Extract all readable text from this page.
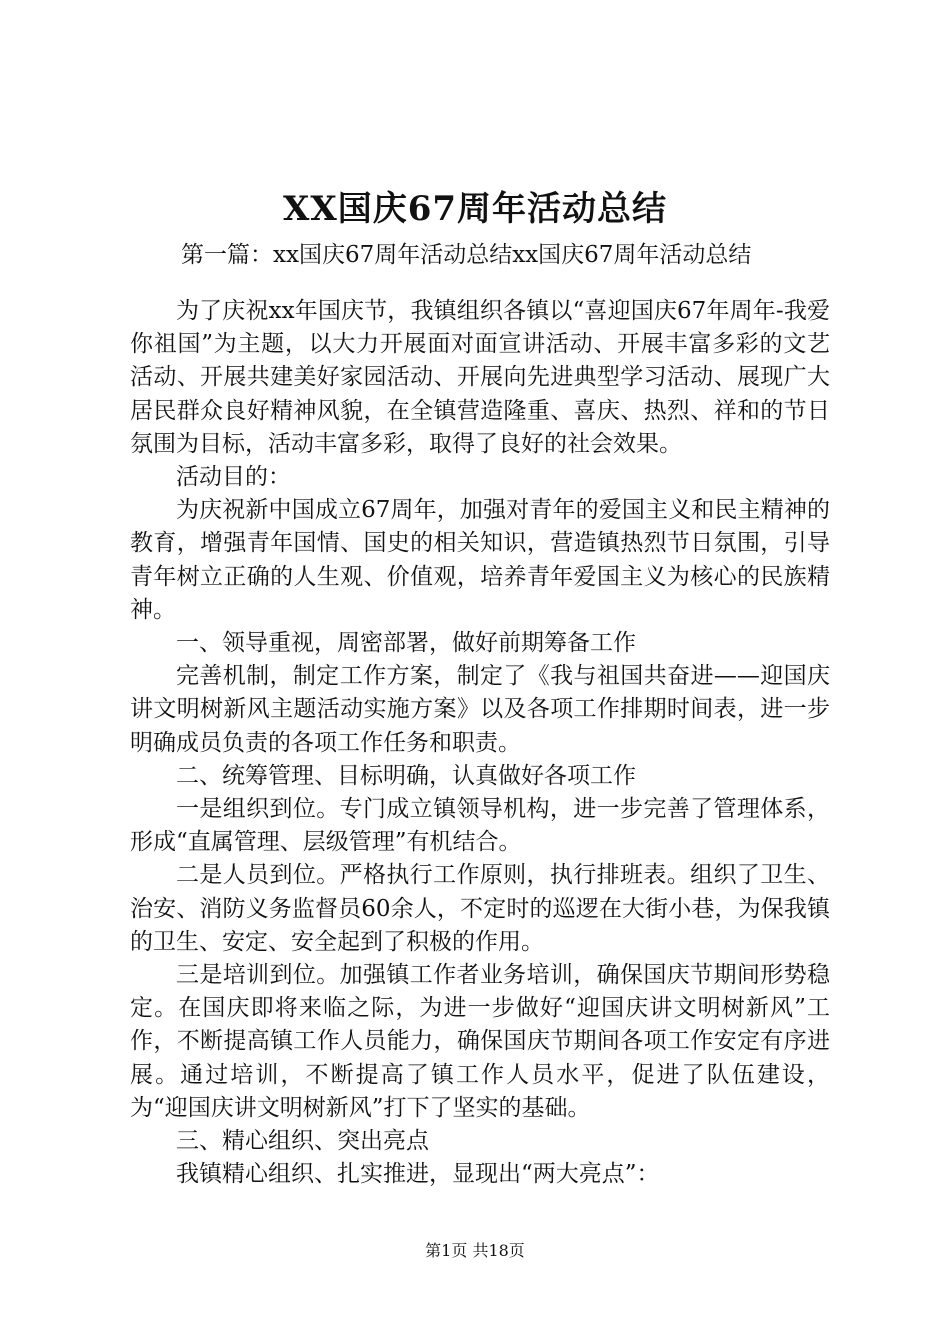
XX国庆67周年活动总结
第一篇：xx国庆67周年活动总结xx国庆67周年活动总结

为了庆祝xx年国庆节，我镇组织各镇以“喜迎国庆67年周年-我爱你祖国”为主题，以大力开展面对面宣讲活动、开展丰富多彩的文艺活动、开展共建美好家园活动、开展向先进典型学习活动、展现广大居民群众良好精神风貌，在全镇营造隆重、喜庆、热烈、祥和的节日氛围为目标，活动丰富多彩，取得了良好的社会效果。

活动目的：

为庆祝新中国成立67周年，加强对青年的爱国主义和民主精神的教育，增强青年国情、国史的相关知识，营造镇热烈节日氛围，引导青年树立正确的人生观、价值观，培养青年爱国主义为核心的民族精神。

一、领导重视，周密部署，做好前期筹备工作

完善机制，制定工作方案，制定了《我与祖国共奋进——迎国庆讲文明树新风主题活动实施方案》以及各项工作排期时间表，进一步明确成员负责的各项工作任务和职责。

二、统筹管理、目标明确，认真做好各项工作

一是组织到位。专门成立镇领导机构，进一步完善了管理体系，形成“直属管理、层级管理”有机结合。

二是人员到位。严格执行工作原则，执行排班表。组织了卫生、治安、消防义务监督员60余人，不定时的巡逻在大街小巷，为保我镇的卫生、安定、安全起到了积极的作用。

三是培训到位。加强镇工作者业务培训，确保国庆节期间形势稳定。在国庆即将来临之际，为进一步做好“迎国庆讲文明树新风”工作，不断提高镇工作人员能力，确保国庆节期间各项工作安定有序进展。通过培训，不断提高了镇工作人员水平，促进了队伍建设，为“迎国庆讲文明树新风”打下了坚实的基础。

三、精心组织、突出亮点

我镇精心组织、扎实推进，显现出“两大亮点”：

第1页 共18页
